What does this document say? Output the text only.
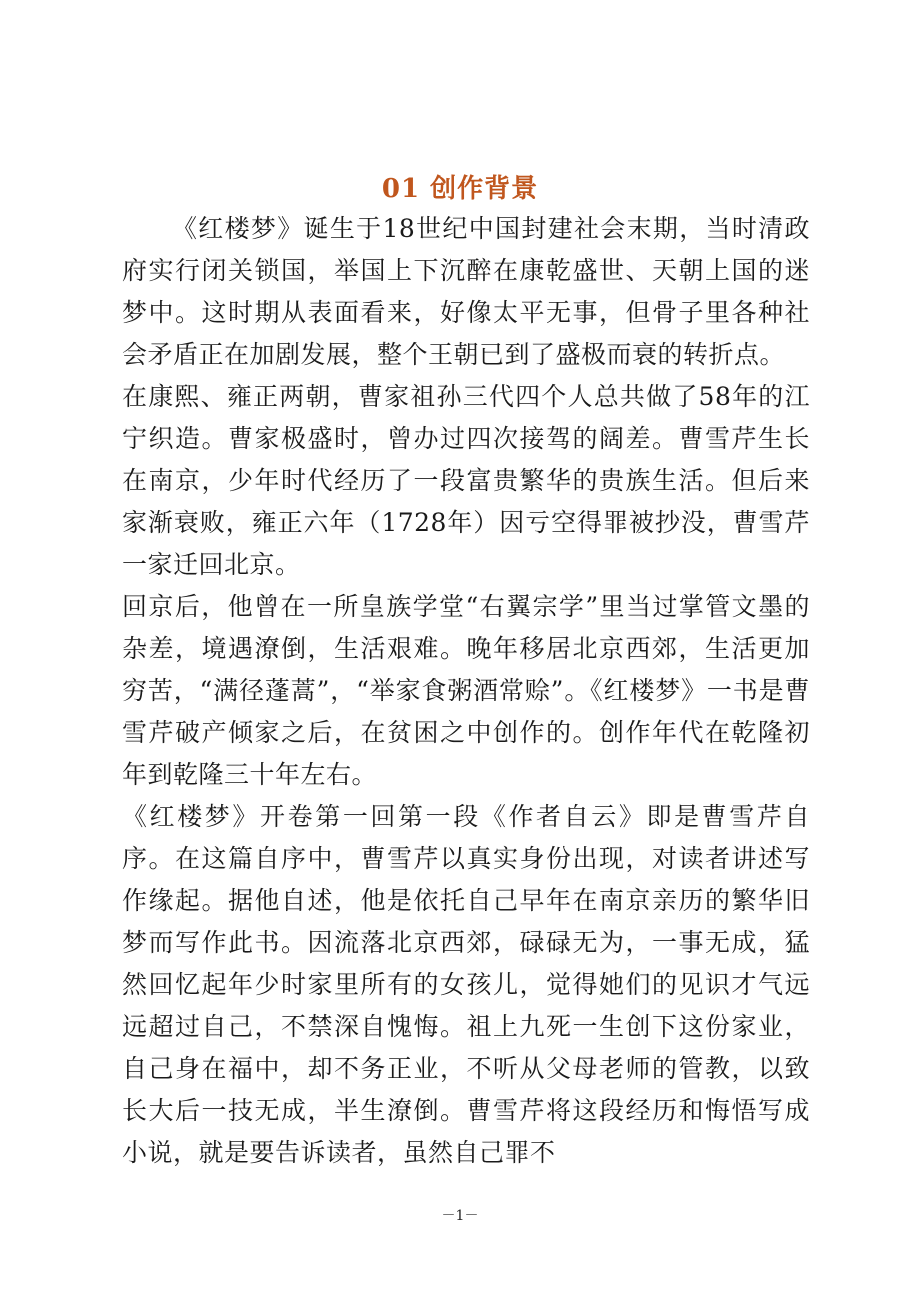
01 创作背景

《红楼梦》诞生于18世纪中国封建社会末期，当时清政府实行闭关锁国，举国上下沉醉在康乾盛世、天朝上国的迷梦中。这时期从表面看来，好像太平无事，但骨子里各种社会矛盾正在加剧发展，整个王朝已到了盛极而衰的转折点。

在康熙、雍正两朝，曹家祖孙三代四个人总共做了58年的江宁织造。曹家极盛时，曾办过四次接驾的阔差。曹雪芹生长在南京，少年时代经历了一段富贵繁华的贵族生活。但后来家渐衰败，雍正六年（1728年）因亏空得罪被抄没，曹雪芹一家迁回北京。

回京后，他曾在一所皇族学堂“右翼宗学”里当过掌管文墨的杂差，境遇潦倒，生活艰难。晚年移居北京西郊，生活更加穷苦，“满径蓬蒿”，“举家食粥酒常赊”。《红楼梦》一书是曹雪芹破产倾家之后，在贫困之中创作的。创作年代在乾隆初年到乾隆三十年左右。

《红楼梦》开卷第一回第一段《作者自云》即是曹雪芹自序。在这篇自序中，曹雪芹以真实身份出现，对读者讲述写作缘起。据他自述，他是依托自己早年在南京亲历的繁华旧梦而写作此书。因流落北京西郊，碌碌无为，一事无成，猛然回忆起年少时家里所有的女孩儿，觉得她们的见识才气远远超过自己，不禁深自愧悔。祖上九死一生创下这份家业，自己身在福中，却不务正业，不听从父母老师的管教，以致长大后一技无成，半生潦倒。曹雪芹将这段经历和悔悟写成小说，就是要告诉读者，虽然自己罪不

－1－
